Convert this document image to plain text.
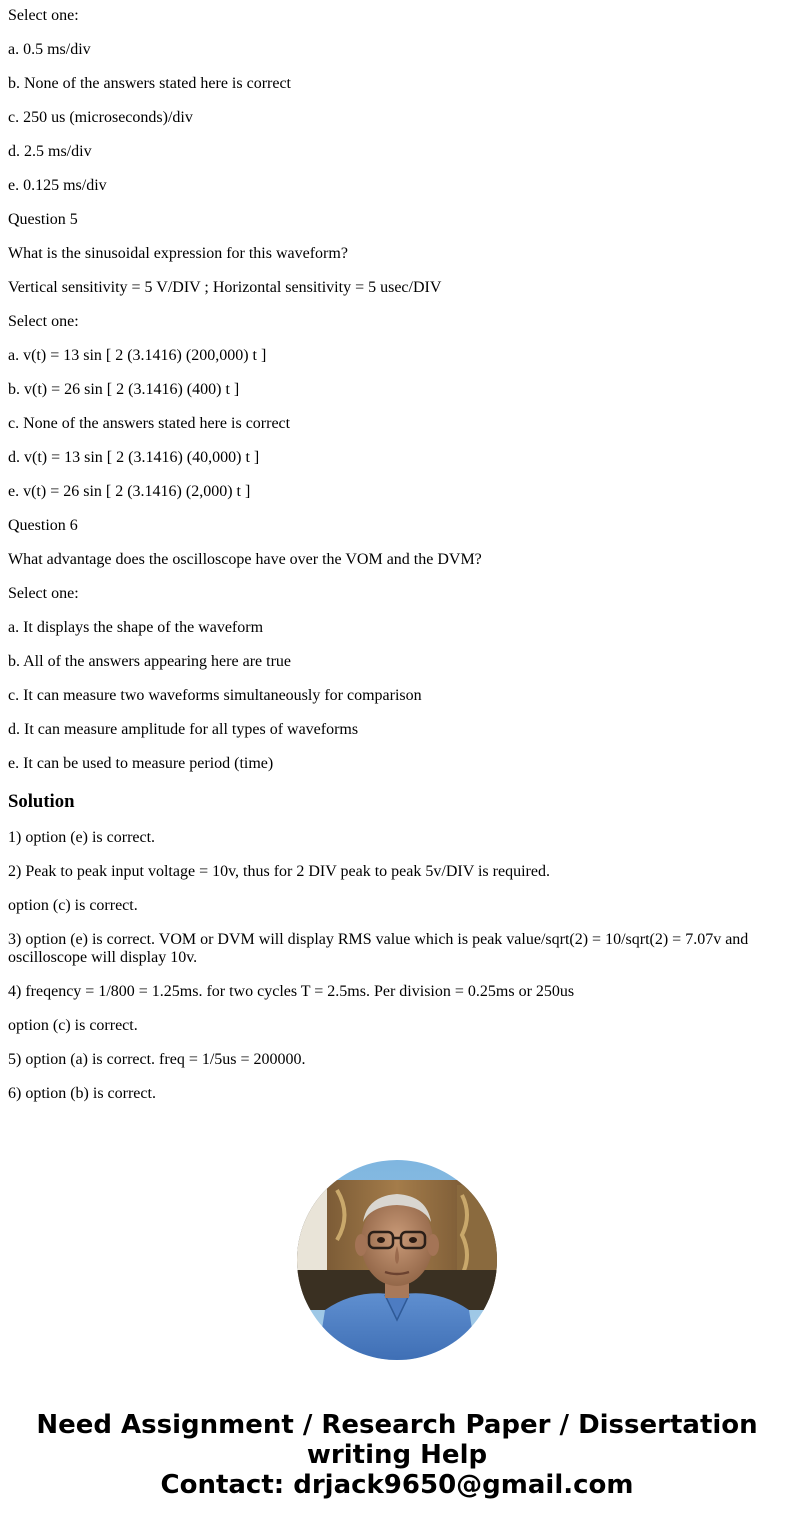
Select one:

a. 0.5 ms/div

b. None of the answers stated here is correct

c. 250 us (microseconds)/div

d. 2.5 ms/div

e. 0.125 ms/div

Question 5

What is the sinusoidal expression for this waveform?

Vertical sensitivity = 5 V/DIV ; Horizontal sensitivity = 5 usec/DIV

Select one:

a. v(t) = 13 sin [ 2 (3.1416) (200,000) t ]

b. v(t) = 26 sin [ 2 (3.1416) (400) t ]

c. None of the answers stated here is correct

d. v(t) = 13 sin [ 2 (3.1416) (40,000) t ]

e. v(t) = 26 sin [ 2 (3.1416) (2,000) t ]

Question 6

What advantage does the oscilloscope have over the VOM and the DVM?

Select one:

a. It displays the shape of the waveform

b. All of the answers appearing here are true

c. It can measure two waveforms simultaneously for comparison

d. It can measure amplitude for all types of waveforms

e. It can be used to measure period (time)

Solution

1) option (e) is correct.

2) Peak to peak input voltage = 10v, thus for 2 DIV peak to peak 5v/DIV is required.

option (c) is correct.

3) option (e) is correct. VOM or DVM will display RMS value which is peak value/sqrt(2) = 10/sqrt(2) = 7.07v and oscilloscope will display 10v.

4) freqency = 1/800 = 1.25ms. for two cycles T = 2.5ms. Per division = 0.25ms or 250us

option (c) is correct.

5) option (a) is correct. freq = 1/5us = 200000.

6) option (b) is correct.

Need Assignment / Research Paper / Dissertation
writing Help
Contact: drjack9650@gmail.com
